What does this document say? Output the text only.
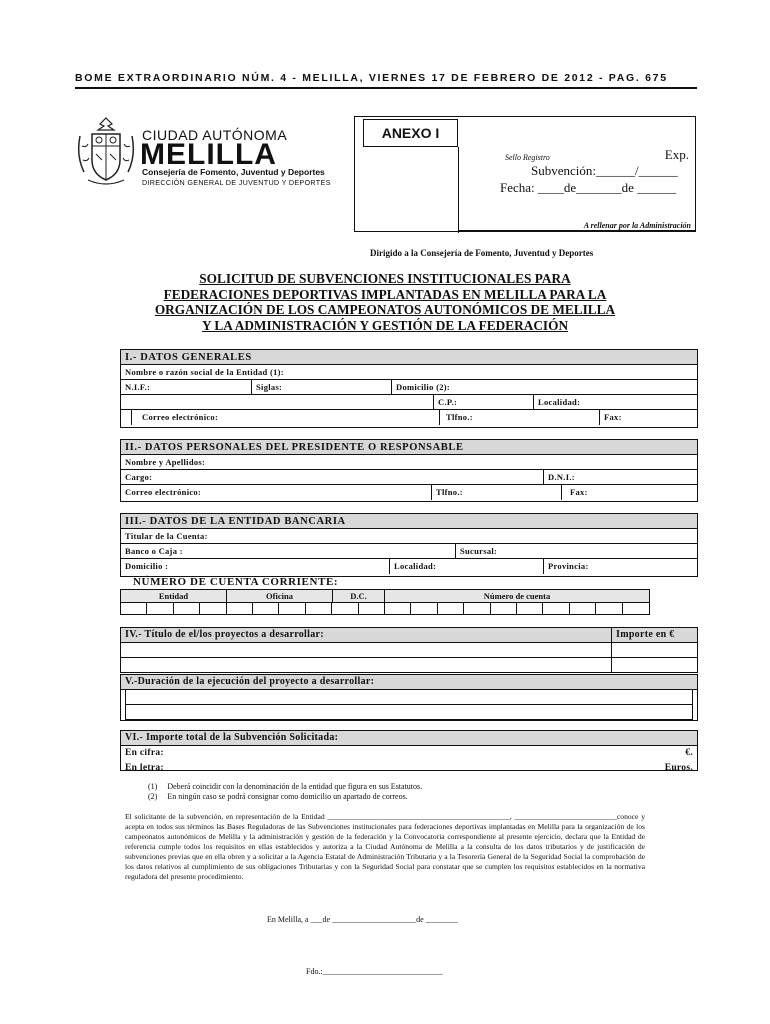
BOME EXTRAORDINARIO NÚM. 4 - MELILLA, VIERNES 17 DE FEBRERO DE 2012 - PAG. 675
CIUDAD AUTÓNOMA
MELILLA
Consejería de Fomento, Juventud y Deportes
DIRECCIÓN GENERAL DE JUVENTUD Y DEPORTES
ANEXO I
Sello Registro	Exp.
Subvención:______/______
Fecha: ____de_______de ______
A rellenar por la Administración
Dirigido a la Consejería de Fomento, Juventud y Deportes
SOLICITUD DE SUBVENCIONES INSTITUCIONALES PARA
FEDERACIONES DEPORTIVAS IMPLANTADAS EN MELILLA PARA LA
ORGANIZACIÓN DE LOS CAMPEONATOS AUTONÓMICOS DE MELILLA
Y LA ADMINISTRACIÓN Y GESTIÓN DE LA FEDERACIÓN
I.- DATOS GENERALES
Nombre o razón social de la Entidad (1):
N.I.F.:	Siglas:	Domicilio (2):
C.P.:	Localidad:
Correo electrónico:	Tlfno.:	Fax:
II.- DATOS PERSONALES DEL PRESIDENTE O RESPONSABLE
Nombre y Apellidos:
Cargo:	D.N.I.:
Correo electrónico:	Tlfno.:	Fax:
III.- DATOS DE LA ENTIDAD BANCARIA
Titular de la Cuenta:
Banco o Caja :	Sucursal:
Domicilio :	Localidad:	Provincia:
NÚMERO DE CUENTA CORRIENTE:
Entidad	Oficina	D.C.	Número de cuenta
IV.- Título de el/los proyectos a desarrollar:	Importe en €
V.-Duración de la ejecución del proyecto a desarrollar:
VI.- Importe total de la Subvención Solicitada:
En cifra:	€.
En letra:	Euros.
(1)     Deberá coincidir con la denominación de la entidad que figura en sus Estatutos.
(2)     En ningún caso se podrá consignar como domicilio un apartado de correos.
El solicitante de la subvención, en representación de la Entidad ________________________________________________, ___________________________conoce y acepta en todos sus términos las Bases Reguladoras de las Subvenciones institucionales para federaciones deportivas implantadas en Melilla para la organización de los campeonatos autonómicos de Melilla y la administración y gestión de la federación y la Convocatoria correspondiente al presente ejercicio, declara que la Entidad de referencia cumple todos los requisitos en ellas establecidos y autoriza a la Ciudad Autónoma de Melilla a la consulta de los datos tributarios y de justificación de subvenciones previas que en ella obren y a solicitar a la Agencia Estatal de Administración Tributaria y a la Tesorería General de la Seguridad Social la comprobación de los datos relativos al cumplimiento de sus obligaciones Tributarias y con la Seguridad Social para constatar que se cumplen los requisitos establecidos en la normativa reguladora del presente procedimiento.
En Melilla, a ___de _____________________de ________
Fdo.:______________________________
